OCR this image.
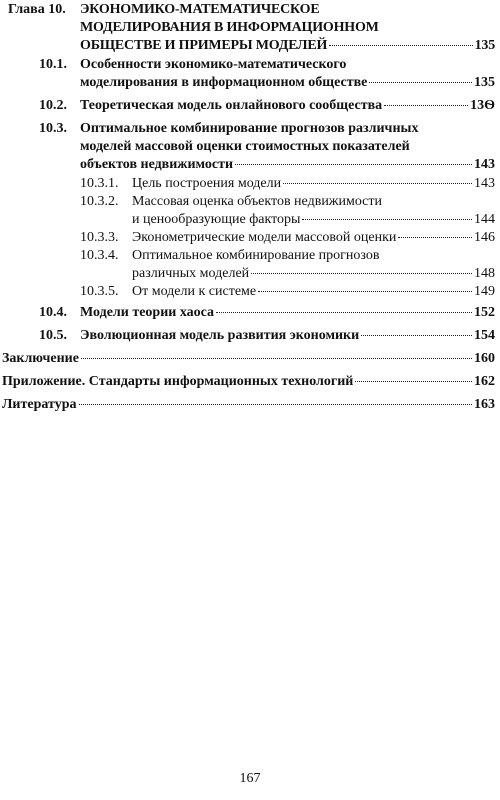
Глава 10. ЭКОНОМИКО-МАТЕМАТИЧЕСКОЕ
МОДЕЛИРОВАНИЯ В ИНФОРМАЦИОННОМ
ОБЩЕСТВЕ И ПРИМЕРЫ МОДЕЛЕЙ	135
10.1. Особенности экономико-математического
моделирования в информационном обществе	135
10.2. Теоретическая модель онлайнового сообщества	13Ѳ
10.3. Оптимальное комбинирование прогнозов различных
моделей массовой оценки стоимостных показателей
объектов недвижимости	143
10.3.1. Цель построения модели	143
10.3.2. Массовая оценка объектов недвижимости
и ценообразующие факторы	144
10.3.3. Эконометрические модели массовой оценки	146
10.3.4. Оптимальное комбинирование прогнозов
различных моделей	148
10.3.5. От модели к системе	149
10.4. Модели теории хаоса	152
10.5. Эволюционная модель развития экономики	154
Заключение	160
Приложение. Стандарты информационных технологий	162
Литература	163
167
